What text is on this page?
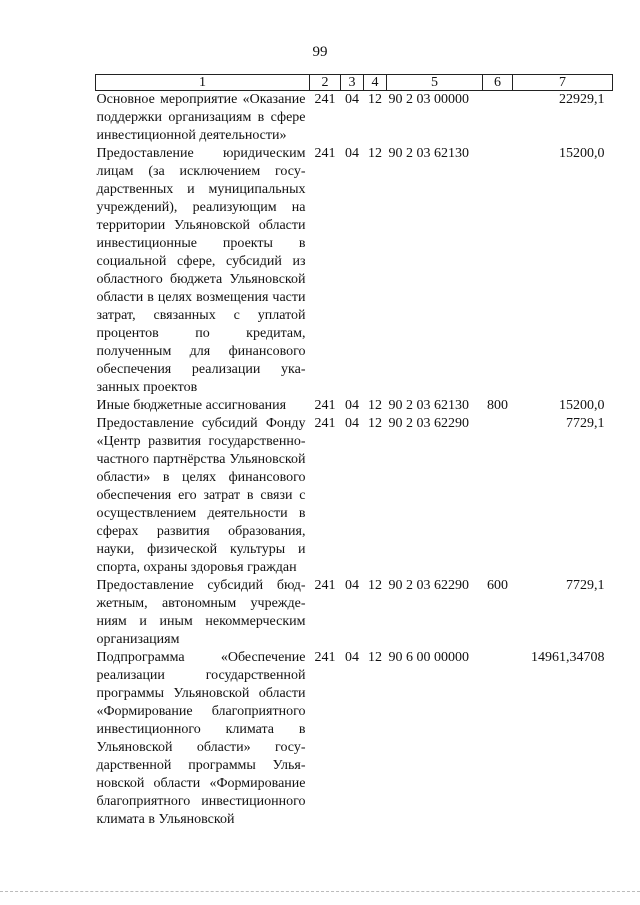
99
1	2	3	4	5	6	7
Основное мероприятие «Оказание поддержки организациям в сфере инвестиционной деятельности»	241	04	12	90 2 03 00000		22929,1
Предоставление юридическим лицам (за исключением государственных и муниципальных учреждений), реализующим на территории Ульяновской области инвестиционные проекты в социальной сфере, субсидий из областного бюджета Ульяновской области в целях возмещения части затрат, связанных с уплатой процентов по кредитам, полученным для финансового обеспечения реализации указанных проектов	241	04	12	90 2 03 62130		15200,0
Иные бюджетные ассигнования	241	04	12	90 2 03 62130	800	15200,0
Предоставление субсидий Фонду «Центр развития государственно-частного партнёрства Ульяновской области» в целях финансового обеспечения его затрат в связи с осуществлением деятельности в сферах развития образования, науки, физической культуры и спорта, охраны здоровья граждан	241	04	12	90 2 03 62290		7729,1
Предоставление субсидий бюджетным, автономным учреждениям и иным некоммерческим организациям	241	04	12	90 2 03 62290	600	7729,1
Подпрограмма «Обеспечение реализации государственной программы Ульяновской области «Формирование благоприятного инвестиционного климата в Ульяновской области» государственной программы Ульяновской области «Формирование благоприятного инвестиционного климата в Ульяновской	241	04	12	90 6 00 00000		14961,34708
